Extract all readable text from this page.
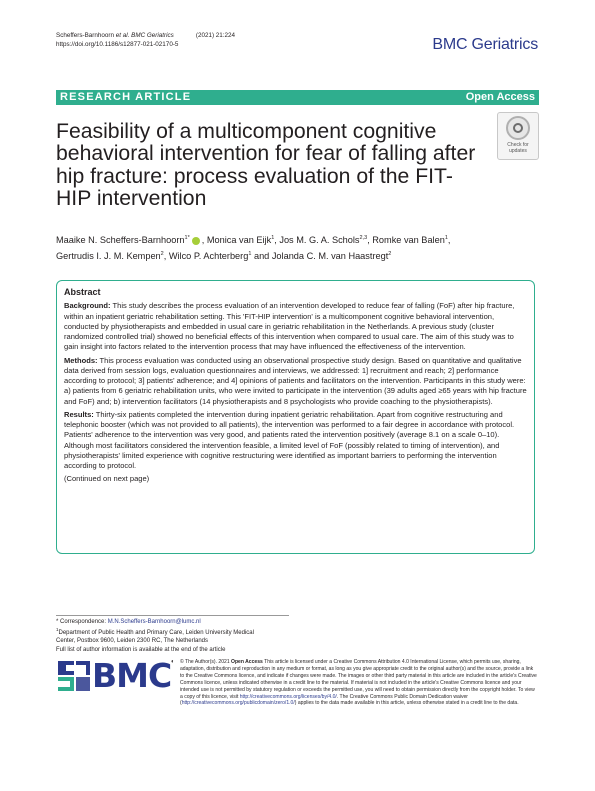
Scheffers-Barnhoorn et al. BMC Geriatrics	(2021) 21:224
https://doi.org/10.1186/s12877-021-02170-5	BMC Geriatrics
RESEARCH ARTICLE	Open Access
Feasibility of a multicomponent cognitive behavioral intervention for fear of falling after hip fracture: process evaluation of the FIT-HIP intervention
Check for
updates
Maaike N. Scheffers-Barnhoorn$^{1*}$ , Monica van Eijk$^1$, Jos M. G. A. Schols$^{2,3}$, Romke van Balen$^1$,
Gertrudis I. J. M. Kempen$^2$, Wilco P. Achterberg$^1$ and Jolanda C. M. van Haastregt$^2$
Abstract

Background: This study describes the process evaluation of an intervention developed to reduce fear of falling (FoF) after hip fracture, within an inpatient geriatric rehabilitation setting. This 'FIT-HIP intervention' is a multicomponent cognitive behavioral intervention, conducted by physiotherapists and embedded in usual care in geriatric rehabilitation in the Netherlands. A previous study (cluster randomized controlled trial) showed no beneficial effects of this intervention when compared to usual care. The aim of this study was to gain insight into factors related to the intervention process that may have influenced the effectiveness of the intervention.

Methods: This process evaluation was conducted using an observational prospective study design. Based on quantitative and qualitative data derived from session logs, evaluation questionnaires and interviews, we addressed: 1] recruitment and reach; 2] performance according to protocol; 3] patients' adherence; and 4] opinions of patients and facilitators on the intervention. Participants in this study were: a) patients from 6 geriatric rehabilitation units, who were invited to participate in the intervention (39 adults aged ≥65 years with hip fracture and FoF) and; b) intervention facilitators (14 physiotherapists and 8 psychologists who provide coaching to the physiotherapists).

Results: Thirty-six patients completed the intervention during inpatient geriatric rehabilitation. Apart from cognitive restructuring and telephonic booster (which was not provided to all patients), the intervention was performed to a fair degree in accordance with protocol. Patients' adherence to the intervention was very good, and patients rated the intervention positively (average 8.1 on a scale 0–10). Although most facilitators considered the intervention feasible, a limited level of FoF (possibly related to timing of intervention), and physiotherapists' limited experience with cognitive restructuring were identified as important barriers to performing the intervention according to protocol.

(Continued on next page)

* Correspondence: M.N.Scheffers-Barnhoorn@lumc.nl
$^1$Department of Public Health and Primary Care, Leiden University Medical
Center, Postbox 9600, Leiden 2300 RC, The Netherlands
Full list of author information is available at the end of the article
BMC ◐ © The Author(s). 2021 Open Access This article is licensed under a Creative Commons Attribution 4.0 International License, which permits use, sharing, adaptation, distribution and reproduction in any medium or format, as long as you give appropriate credit to the original author(s) and the source, provide a link to the Creative Commons licence, and indicate if changes were made. The images or other third party material in this article are included in the article's Creative Commons licence, unless indicated otherwise in a credit line to the material. If material is not included in the article's Creative Commons licence and your intended use is not permitted by statutory regulation or exceeds the permitted use, you will need to obtain permission directly from the copyright holder. To view a copy of this licence, visit http://creativecommons.org/licenses/by/4.0/. The Creative Commons Public Domain Dedication waiver (http://creativecommons.org/publicdomain/zero/1.0/) applies to the data made available in this article, unless otherwise stated in a credit line to the data.
